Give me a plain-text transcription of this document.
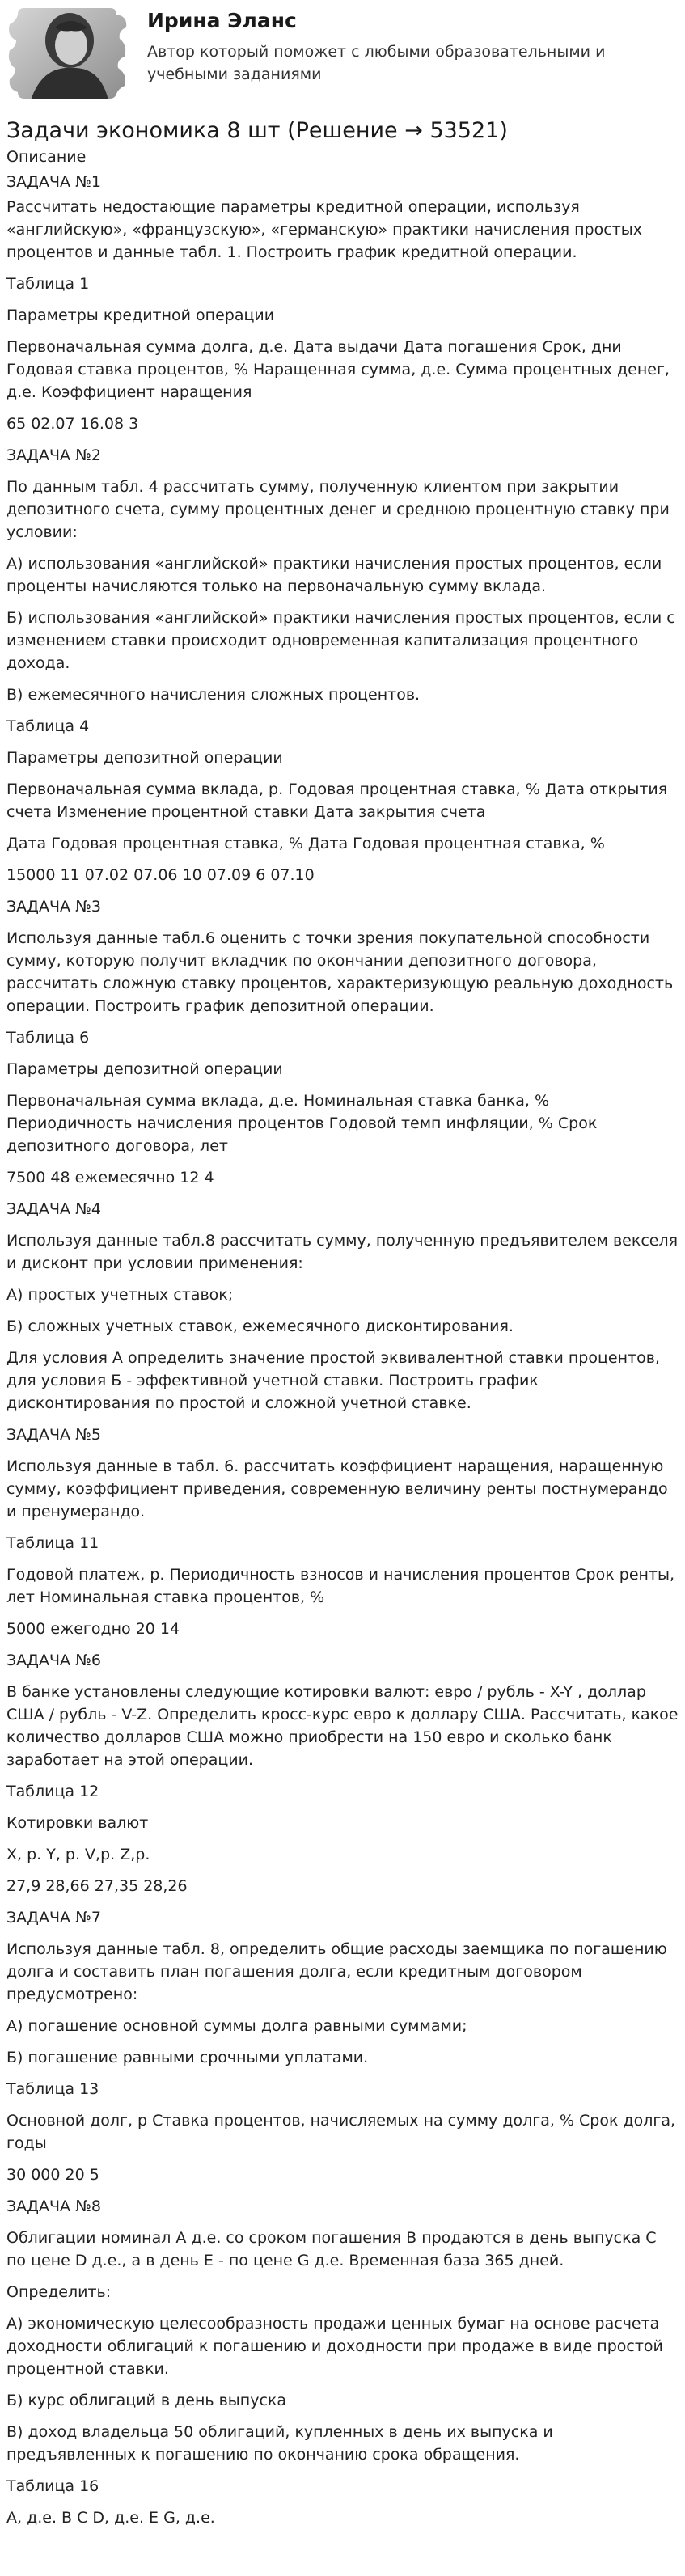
Ирина Эланс
Автор который поможет с любыми образовательными и учебными заданиями
Задачи экономика 8 шт (Решение → 53521)

Описание

ЗАДАЧА №1

Рассчитать недостающие параметры кредитной операции, используя «английскую», «французскую», «германскую» практики начисления простых процентов и данные табл. 1. Построить график кредитной операции.

Таблица 1

Параметры кредитной операции

Первоначальная сумма долга, д.е. Дата выдачи Дата погашения Срок, дни Годовая ставка процентов, % Наращенная сумма, д.е. Сумма процентных денег, д.е. Коэффициент наращения

65 02.07 16.08 3

ЗАДАЧА №2

По данным табл. 4 рассчитать сумму, полученную клиентом при закрытии депозитного счета, сумму процентных денег и среднюю процентную ставку при условии:

А) использования «английской» практики начисления простых процентов, если проценты начисляются только на первоначальную сумму вклада.

Б) использования «английской» практики начисления простых процентов, если с изменением ставки происходит одновременная капитализация процентного дохода.

В) ежемесячного начисления сложных процентов.

Таблица 4

Параметры депозитной операции

Первоначальная сумма вклада, р. Годовая процентная ставка, % Дата открытия счета Изменение процентной ставки Дата закрытия счета

Дата Годовая процентная ставка, % Дата Годовая процентная ставка, %

15000 11 07.02 07.06 10 07.09 6 07.10

ЗАДАЧА №3

Используя данные табл.6 оценить с точки зрения покупательной способности сумму, которую получит вкладчик по окончании депозитного договора, рассчитать сложную ставку процентов, характеризующую реальную доходность операции. Построить график депозитной операции.

Таблица 6

Параметры депозитной операции

Первоначальная сумма вклада, д.е. Номинальная ставка банка, % Периодичность начисления процентов Годовой темп инфляции, % Срок депозитного договора, лет

7500 48 ежемесячно 12 4

ЗАДАЧА №4

Используя данные табл.8 рассчитать сумму, полученную предъявителем векселя и дисконт при условии применения:

А) простых учетных ставок;

Б) сложных учетных ставок, ежемесячного дисконтирования.

Для условия А определить значение простой эквивалентной ставки процентов, для условия Б - эффективной учетной ставки. Построить график дисконтирования по простой и сложной учетной ставке.

ЗАДАЧА №5

Используя данные в табл. 6. рассчитать коэффициент наращения, наращенную сумму, коэффициент приведения, современную величину ренты постнумерандо и пренумерандо.

Таблица 11

Годовой платеж, р. Периодичность взносов и начисления процентов Срок ренты, лет Номинальная ставка процентов, %

5000 ежегодно 20 14

ЗАДАЧА №6

В банке установлены следующие котировки валют: евро / рубль - X-Y , доллар США / рубль - V-Z. Определить кросс-курс евро к доллару США. Рассчитать, какое количество долларов США можно приобрести на 150 евро и сколько банк заработает на этой операции.

Таблица 12

Котировки валют

X, р. Y, р. V,р. Z,р.

27,9 28,66 27,35 28,26

ЗАДАЧА №7

Используя данные табл. 8, определить общие расходы заемщика по погашению долга и составить план погашения долга, если кредитным договором предусмотрено:

А) погашение основной суммы долга равными суммами;

Б) погашение равными срочными уплатами.

Таблица 13

Основной долг, р Ставка процентов, начисляемых на сумму долга, % Срок долга, годы

30 000 20 5

ЗАДАЧА №8

Облигации номинал А д.е. со сроком погашения В продаются в день выпуска С по цене D д.е., а в день Е - по цене G д.е. Временная база 365 дней.

Определить:

А) экономическую целесообразность продажи ценных бумаг на основе расчета доходности облигаций к погашению и доходности при продаже в виде простой процентной ставки.

Б) курс облигаций в день выпуска

В) доход владельца 50 облигаций, купленных в день их выпуска и предъявленных к погашению по окончанию срока обращения.

Таблица 16

А, д.е. В С D, д.е. E G, д.е.
